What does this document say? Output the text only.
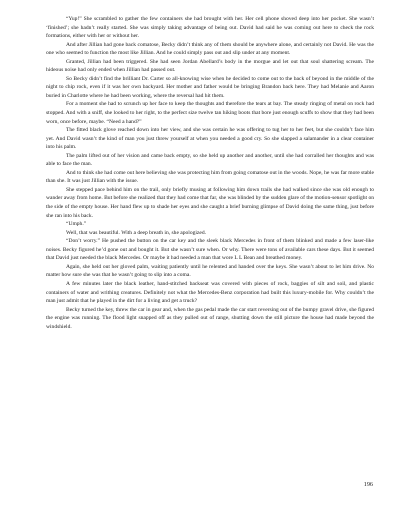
“Yup!” She scrambled to gather the few containers she had brought with her. Her cell phone shoved deep into her pocket. She wasn’t ‘finished’; she hadn’t really started. She was simply taking advantage of being out. David had said he was coming out here to check the rock formations, either with her or without her.

And after Jillian had gone back comatose, Becky didn’t think any of them should be anywhere alone, and certainly not David. He was the one who seemed to function the most like Jillian. And he could simply pass out and slip under at any moment.

Granted, Jillian had been triggered. She had seen Jordan Abellard’s body in the morgue and let out that soul shattering scream. The hideous noise had only ended when Jillian had passed out.

So Becky didn’t find the brilliant Dr. Carter so all-knowing wise when he decided to come out to the back of beyond in the middle of the night to chip rock, even if it was her own backyard. Her mother and father would be bringing Brandon back here. They had Melanie and Aaron buried in Charlotte where he had been working, where the reversal had hit them.

For a moment she had to scrunch up her face to keep the thoughts and therefore the tears at bay. The steady ringing of metal on rock had stopped. And with a sniff, she looked to her right, to the perfect size twelve tan hiking boots that bore just enough scuffs to show that they had been worn, once before, maybe. “Need a hand?”

The fitted black glove reached down into her view, and she was certain he was offering to tug her to her feet, but she couldn’t face him yet. And David wasn’t the kind of man you just threw yourself at when you needed a good cry. So she slapped a salamander in a clear container into his palm.

The palm lifted out of her vision and came back empty, so she held up another and another, until she had corralled her thoughts and was able to face the man.

And to think she had come out here believing she was protecting him from going comatose out in the woods. Nope, he was far more stable than she. It was just Jillian with the issue.

She stepped pace behind him on the trail, only briefly musing at following him down trails she had walked since she was old enough to wander away from home. But before she realized that they had come that far, she was blinded by the sudden glare of the motion-sensor spotlight on the side of the empty house. Her hand flew up to shade her eyes and she caught a brief burning glimpse of David doing the same thing, just before she ran into his back.

“Umph.”

Well, that was beautiful. With a deep breath in, she apologized.

“Don’t worry.” He pushed the button on the car key and the sleek black Mercedes in front of them blinked and made a few laser-like noises. Becky figured he’d gone out and bought it. But she wasn’t sure when. Or why. There were tons of available cars these days. But it seemed that David just needed the black Mercedes. Or maybe it had needed a man that wore L L Bean and breathed money.

Again, she held out her gloved palm, waiting patiently until he relented and handed over the keys. She wasn’t about to let him drive. No matter how sure she was that he wasn’t going to slip into a coma.

A few minutes later the black leather, hand-stitched backseat was covered with pieces of rock, baggies of silt and soil, and plastic containers of water and writhing creatures. Definitely not what the Mercedes-Benz corporation had built this luxury-mobile for. Why couldn’t the man just admit that he played in the dirt for a living and get a truck?

Becky turned the key, threw the car in gear and, when the gas pedal made the car start reversing out of the bumpy gravel drive, she figured the engine was running. The flood light snapped off as they pulled out of range, shutting down the still picture the house had made beyond the windshield.

196
